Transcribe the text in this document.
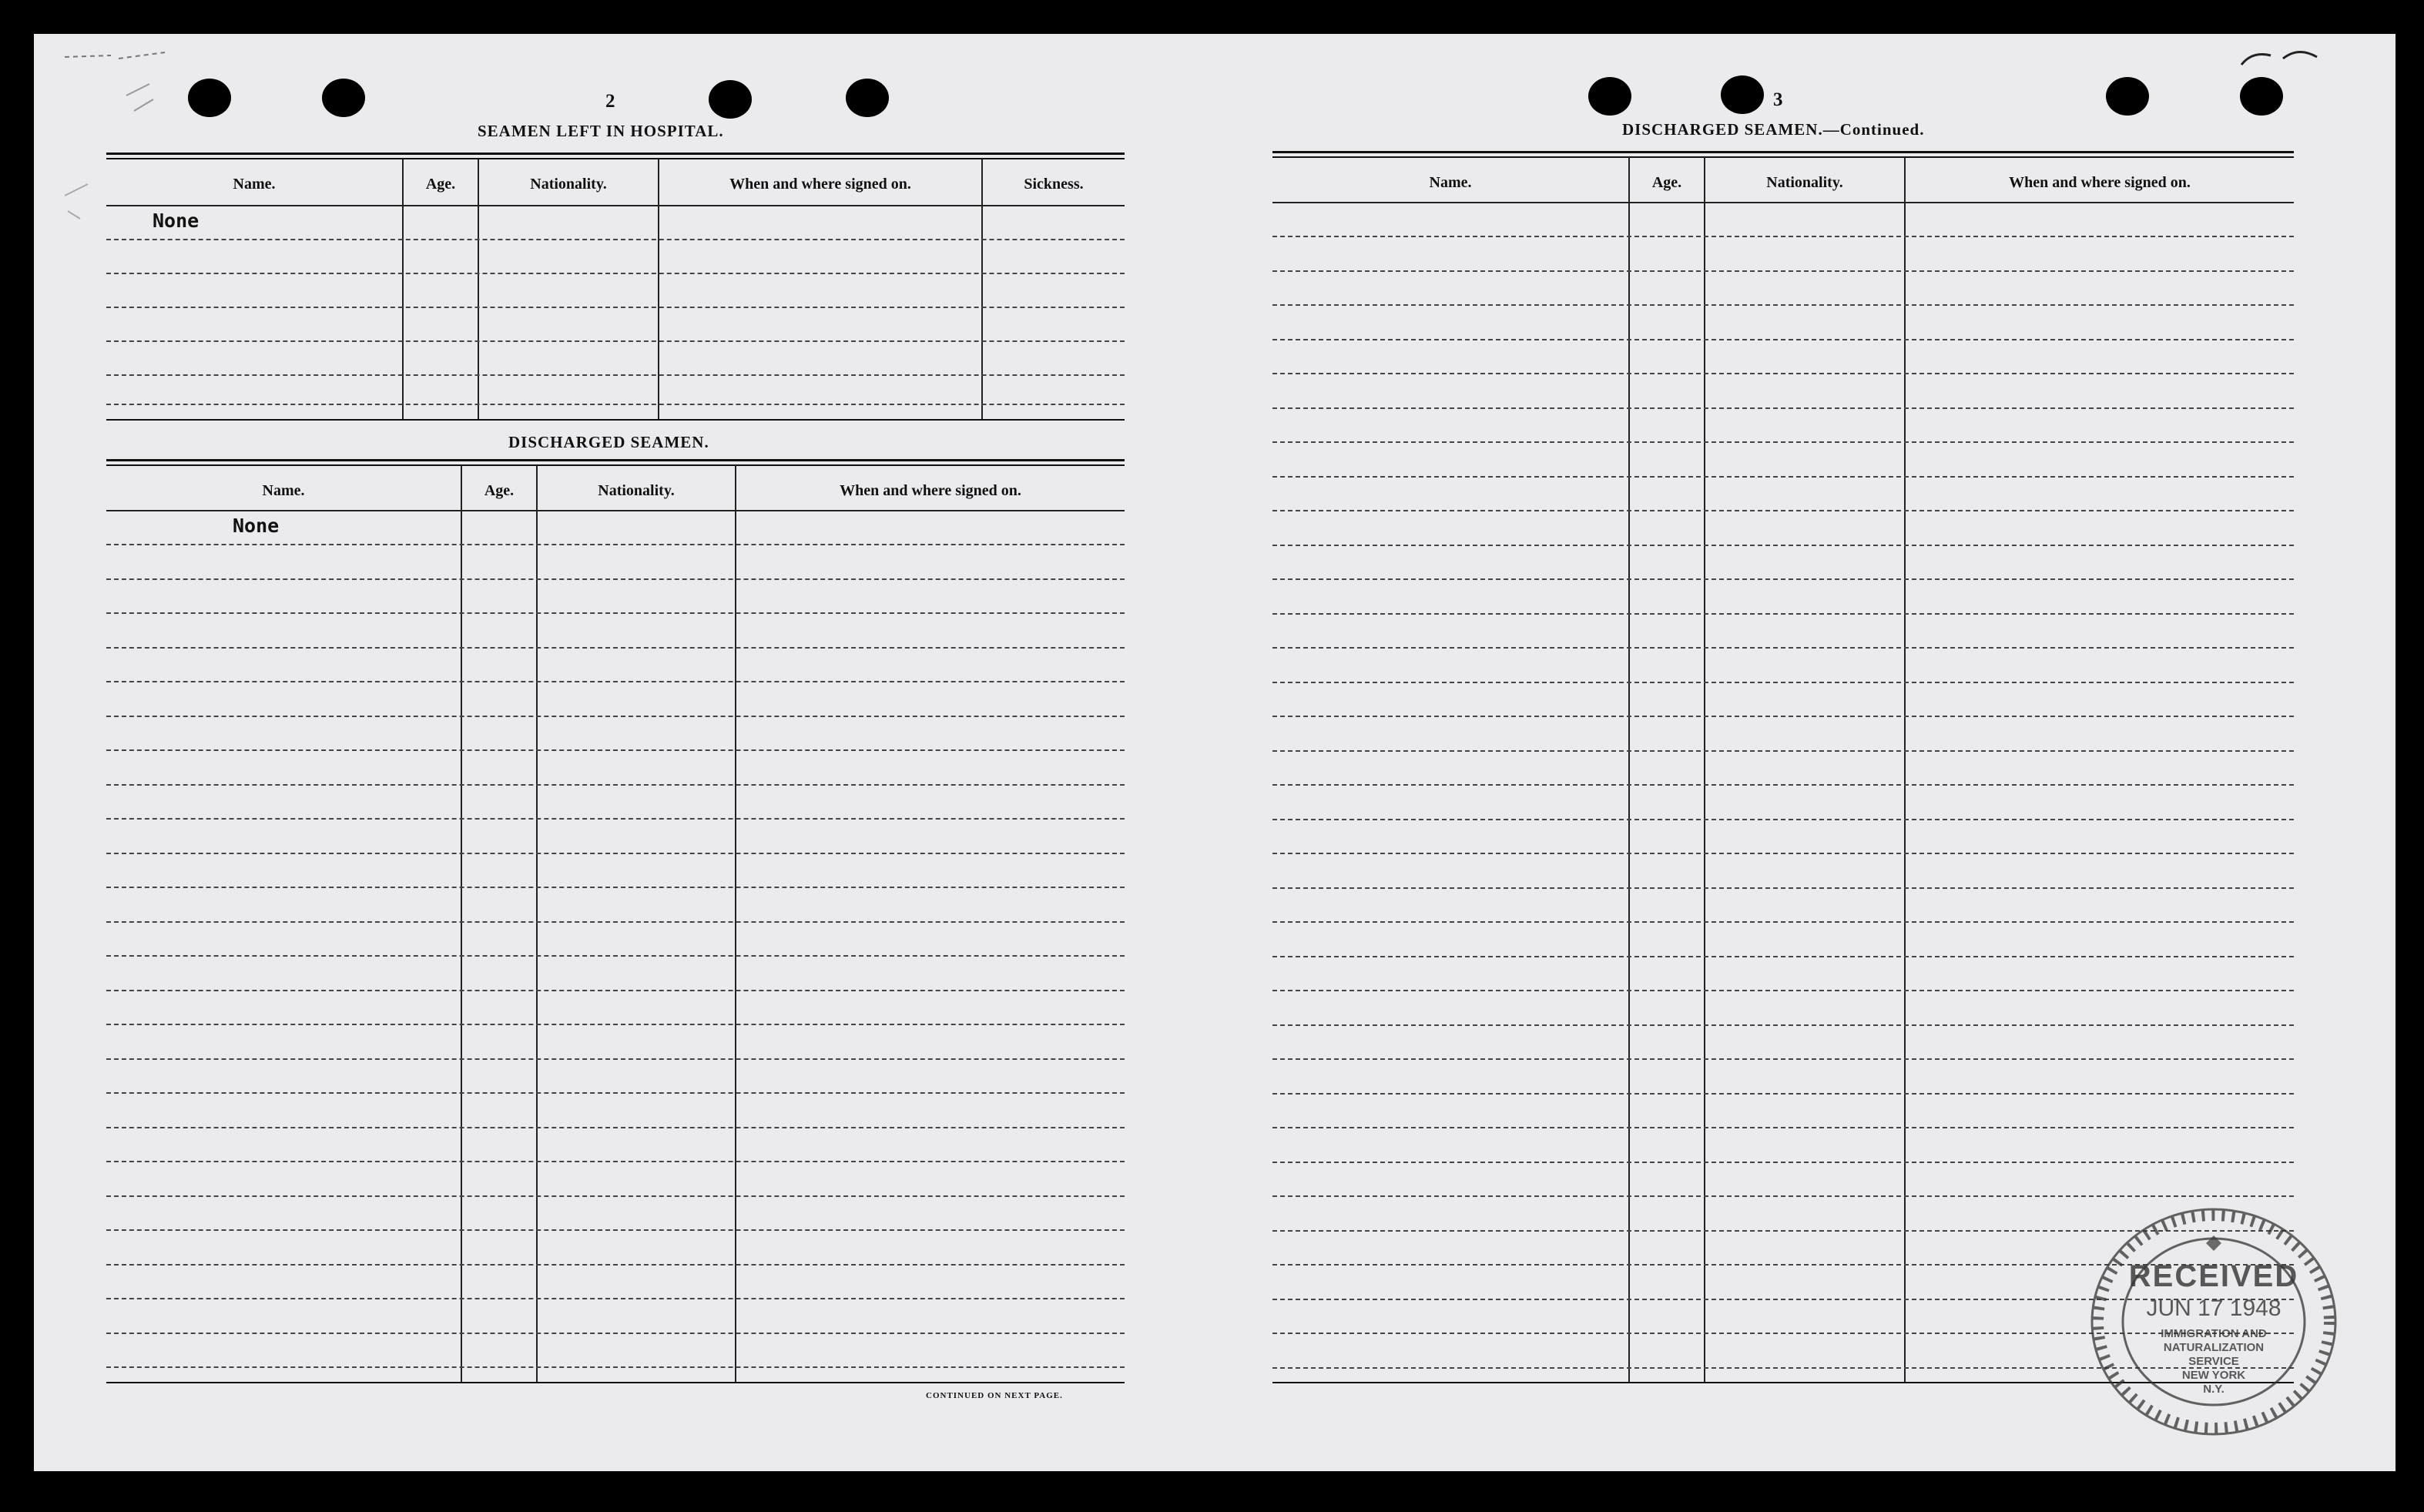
2
SEAMEN LEFT IN HOSPITAL.
Name.	Age.	Nationality.	When and where signed on.	Sickness.
None
DISCHARGED SEAMEN.
Name.	Age.	Nationality.	When and where signed on.
None
CONTINUED ON NEXT PAGE.
3
DISCHARGED SEAMEN.—Continued.
Name.	Age.	Nationality.	When and where signed on.
RECEIVED
JUN 17 1948
IMMIGRATION AND
NATURALIZATION
SERVICE
NEW YORK
N.Y.
